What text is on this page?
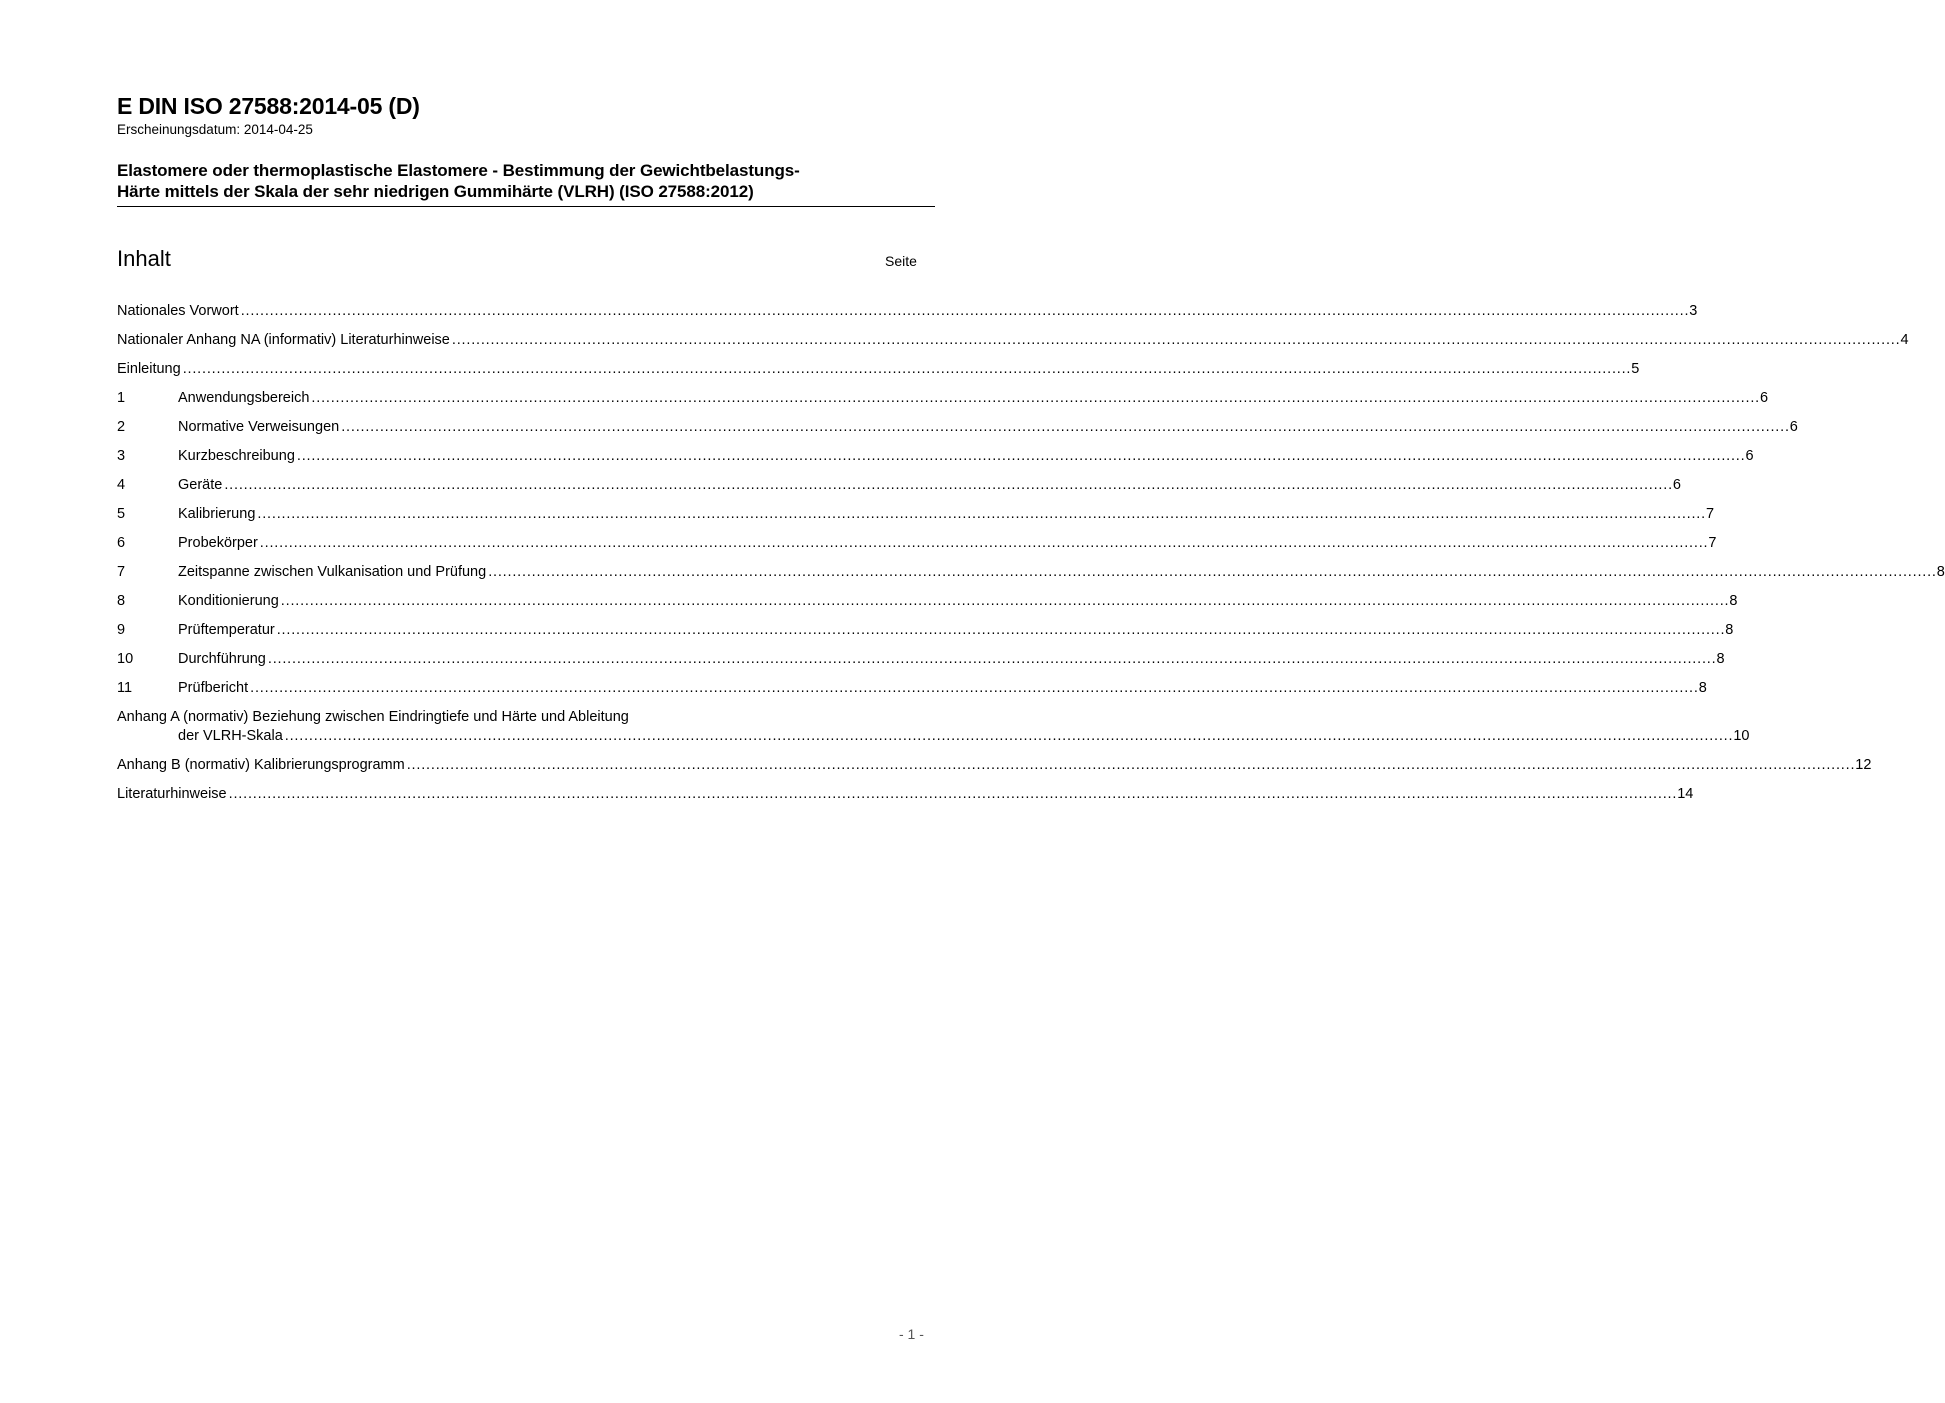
E DIN ISO 27588:2014-05 (D)
Erscheinungsdatum: 2014-04-25
Elastomere oder thermoplastische Elastomere - Bestimmung der Gewichtbelastungs-
Härte mittels der Skala der sehr niedrigen Gummihärte (VLRH) (ISO 27588:2012)
Inhalt	Seite
Nationales Vorwort ............................................................................................................................................................................................................................................................................................................ 3
Nationaler Anhang NA (informativ) Literaturhinweise ............................................................................................................................................................................................................................................................................................................ 4
Einleitung ............................................................................................................................................................................................................................................................................................................ 5
1	Anwendungsbereich ............................................................................................................................................................................................................................................................................................................ 6
2	Normative Verweisungen ............................................................................................................................................................................................................................................................................................................ 6
3	Kurzbeschreibung ............................................................................................................................................................................................................................................................................................................ 6
4	Geräte ............................................................................................................................................................................................................................................................................................................ 6
5	Kalibrierung ............................................................................................................................................................................................................................................................................................................ 7
6	Probekörper ............................................................................................................................................................................................................................................................................................................ 7
7	Zeitspanne zwischen Vulkanisation und Prüfung ............................................................................................................................................................................................................................................................................................................ 8
8	Konditionierung ............................................................................................................................................................................................................................................................................................................ 8
9	Prüftemperatur ............................................................................................................................................................................................................................................................................................................ 8
10	Durchführung ............................................................................................................................................................................................................................................................................................................ 8
11	Prüfbericht ............................................................................................................................................................................................................................................................................................................ 8
Anhang A (normativ) Beziehung zwischen Eindringtiefe und Härte und Ableitung
der VLRH-Skala ............................................................................................................................................................................................................................................................................................................ 10
Anhang B (normativ) Kalibrierungsprogramm ............................................................................................................................................................................................................................................................................................................ 12
Literaturhinweise ............................................................................................................................................................................................................................................................................................................ 14
- 1 -
